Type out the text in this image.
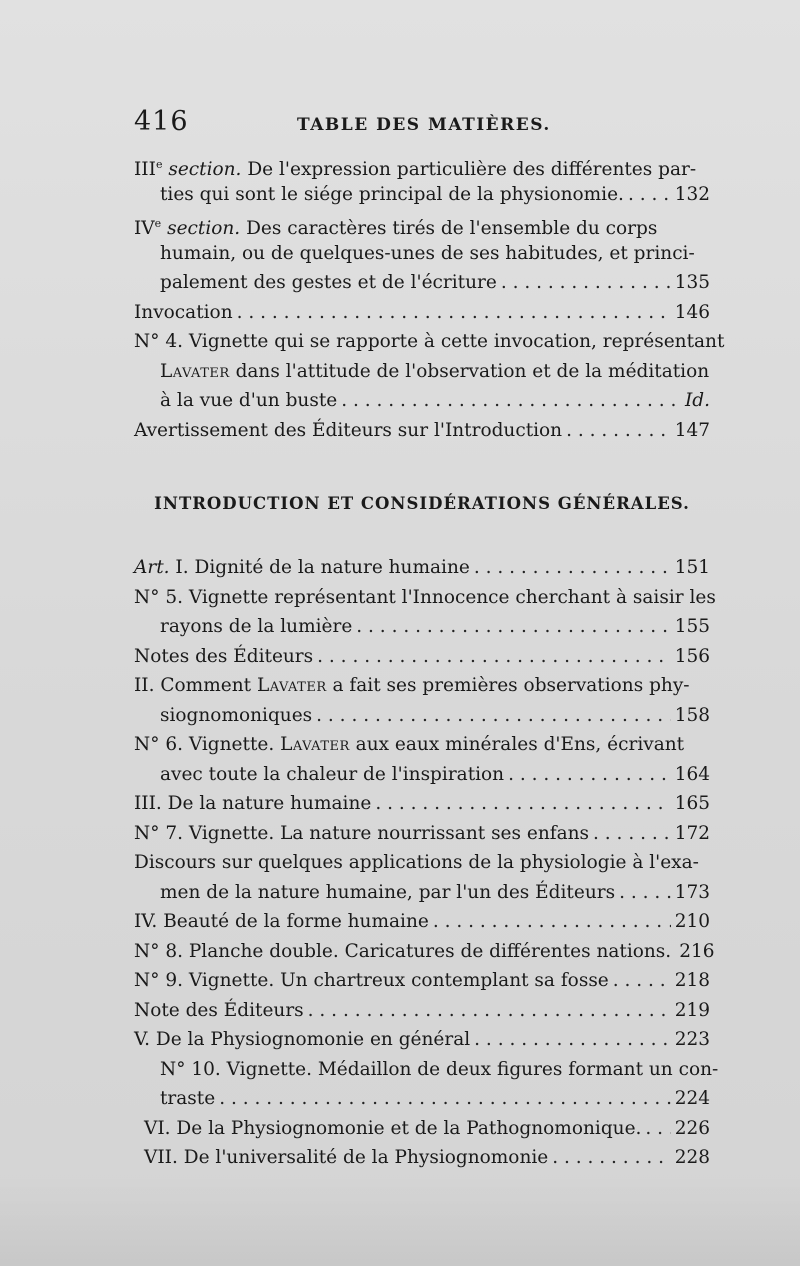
416	TABLE DES MATIÈRES.
IIIe section. De l'expression particulière des différentes par-
ties qui sont le siége principal de la physionomie. . . .	132
IVe section. Des caractères tirés de l'ensemble du corps
humain, ou de quelques-unes de ses habitudes, et princi-
palement des gestes et de l'écriture . . .	135
Invocation . . .	146
N° 4. Vignette qui se rapporte à cette invocation, représentant
Lavater dans l'attitude de l'observation et de la méditation
à la vue d'un buste . . .	Id.
Avertissement des Éditeurs sur l'Introduction . . .	147
INTRODUCTION ET CONSIDÉRATIONS GÉNÉRALES.
Art. I. Dignité de la nature humaine . . .	151
N° 5. Vignette représentant l'Innocence cherchant à saisir les
rayons de la lumière . . .	155
Notes des Éditeurs . . .	156
II. Comment Lavater a fait ses premières observations phy-
siognomoniques . . .	158
N° 6. Vignette. Lavater aux eaux minérales d'Ens, écrivant
avec toute la chaleur de l'inspiration . . .	164
III. De la nature humaine . . .	165
N° 7. Vignette. La nature nourrissant ses enfans . . .	172
Discours sur quelques applications de la physiologie à l'exa-
men de la nature humaine, par l'un des Éditeurs . . .	173
IV. Beauté de la forme humaine . . .	210
N° 8. Planche double. Caricatures de différentes nations. 216
N° 9. Vignette. Un chartreux contemplant sa fosse . . .	218
Note des Éditeurs . . .	219
V. De la Physiognomonie en général . . .	223
N° 10. Vignette. Médaillon de deux figures formant un con-
traste . . .	224
VI. De la Physiognomonie et de la Pathognomonique. . . . 226
VII. De l'universalité de la Physiognomonie . . .	228
